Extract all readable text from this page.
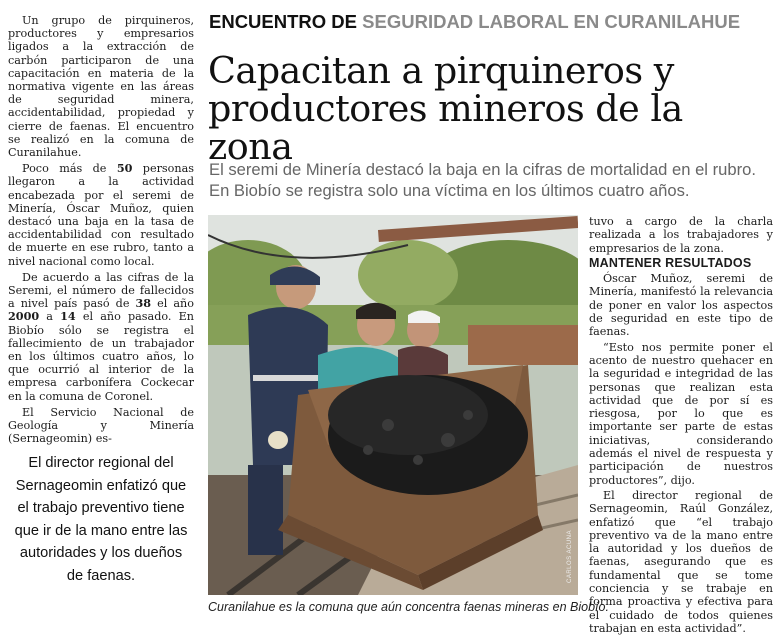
Un grupo de pirquineros, productores y empresarios ligados a la extracción de carbón participaron de una capacitación en materia de la normativa vigente en las áreas de seguridad minera, accidentabilidad, propiedad y cierre de faenas. El encuentro se realizó en la comuna de Curanilahue.

Poco más de 50 personas llegaron a la actividad encabezada por el seremi de Minería, Óscar Muñoz, quien destacó una baja en la tasa de accidentabilidad con resultado de muerte en ese rubro, tanto a nivel nacional como local.

De acuerdo a las cifras de la Seremi, el número de fallecidos a nivel país pasó de 38 el año 2000 a 14 el año pasado. En Biobío sólo se registra el fallecimiento de un trabajador en los últimos cuatro años, lo que ocurrió al interior de la empresa carbonífera Cockecar en la comuna de Coronel.

El Servicio Nacional de Geología y Minería (Sernageomin) es-

El director regional del Sernageomin enfatizó que el trabajo preventivo tiene que ir de la mano entre las autoridades y los dueños de faenas.
ENCUENTRO DE SEGURIDAD LABORAL EN CURANILAHUE
Capacitan a pirquineros y productores mineros de la zona
El seremi de Minería destacó la baja en la cifras de mortalidad en el rubro. En Biobío se registra solo una víctima en los últimos cuatro años.
CARLOS ACUÑA
Curanilahue es la comuna que aún concentra faenas mineras en Biobío.

tuvo a cargo de la charla realizada a los trabajadores y empresarios de la zona.

MANTENER RESULTADOS

Óscar Muñoz, seremi de Minería, manifestó la relevancia de poner en valor los aspectos de seguridad en este tipo de faenas.

“Esto nos permite poner el acento de nuestro quehacer en la seguridad e integridad de las personas que realizan esta actividad que de por sí es riesgosa, por lo que es importante ser parte de estas iniciativas, considerando además el nivel de respuesta y participación de nuestros productores”, dijo.

El director regional de Sernageomin, Raúl González, enfatizó que “el trabajo preventivo va de la mano entre la autoridad y los dueños de faenas, asegurando que es fundamental que se tome conciencia y se trabaje en forma proactiva y efectiva para el cuidado de todos quienes trabajan en esta actividad”.
